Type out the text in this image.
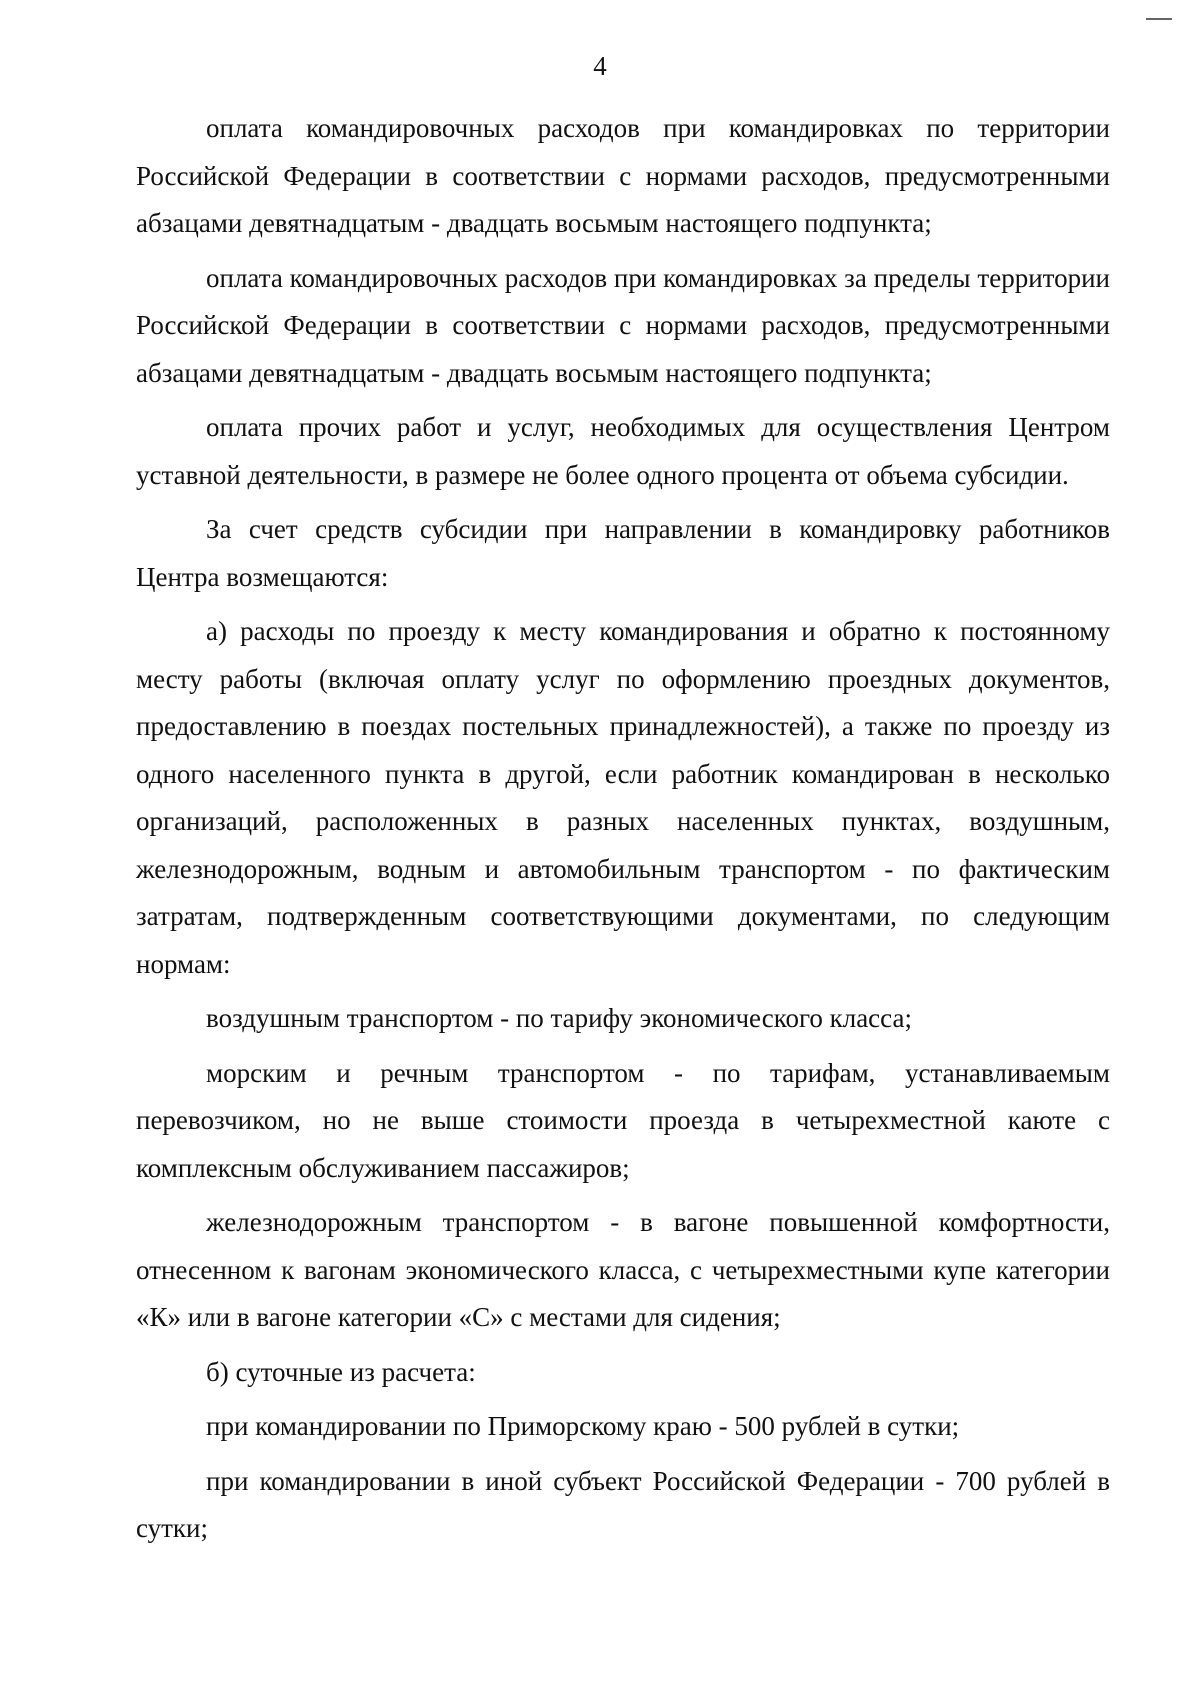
4

оплата командировочных расходов при командировках по территории Российской Федерации в соответствии с нормами расходов, предусмотренными абзацами девятнадцатым - двадцать восьмым настоящего подпункта;

оплата командировочных расходов при командировках за пределы территории Российской Федерации в соответствии с нормами расходов, предусмотренными абзацами девятнадцатым - двадцать восьмым настоящего подпункта;

оплата прочих работ и услуг, необходимых для осуществления Центром уставной деятельности, в размере не более одного процента от объема субсидии.

За счет средств субсидии при направлении в командировку работников Центра возмещаются:

а) расходы по проезду к месту командирования и обратно к постоянному месту работы (включая оплату услуг по оформлению проездных документов, предоставлению в поездах постельных принадлежностей), а также по проезду из одного населенного пункта в другой, если работник командирован в несколько организаций, расположенных в разных населенных пунктах, воздушным, железнодорожным, водным и автомобильным транспортом - по фактическим затратам, подтвержденным соответствующими документами, по следующим нормам:

воздушным транспортом - по тарифу экономического класса;

морским и речным транспортом - по тарифам, устанавливаемым перевозчиком, но не выше стоимости проезда в четырехместной каюте с комплексным обслуживанием пассажиров;

железнодорожным транспортом - в вагоне повышенной комфортности, отнесенном к вагонам экономического класса, с четырехместными купе категории «К» или в вагоне категории «С» с местами для сидения;

б) суточные из расчета:

при командировании по Приморскому краю - 500 рублей в сутки;

при командировании в иной субъект Российской Федерации - 700 рублей в сутки;
